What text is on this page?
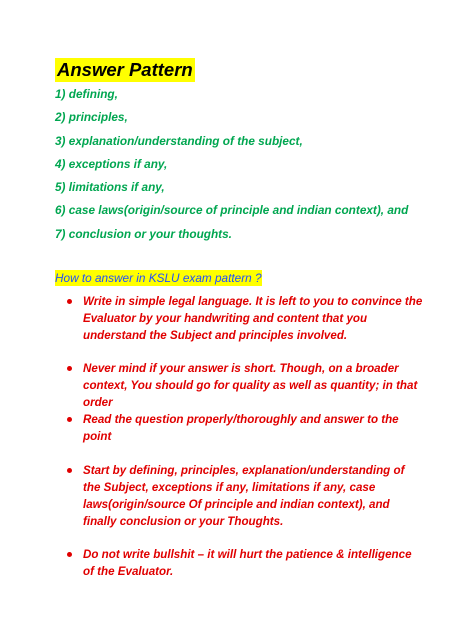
Answer Pattern
1) defining,
2) principles,
3) explanation/understanding of the subject,
4) exceptions if any,
5) limitations if any,
6) case laws(origin/source of principle and indian context), and
7) conclusion or your thoughts.
How to answer in KSLU exam pattern ?
Write in simple legal language. It is left to you to convince the Evaluator by your handwriting and content that you understand the Subject and principles involved.
Never mind if your answer is short. Though, on a broader context, You should go for quality as well as quantity; in that order
Read the question properly/thoroughly and answer to the point
Start by defining, principles, explanation/understanding of the Subject, exceptions if any, limitations if any, case laws(origin/source Of principle and indian context), and finally conclusion or your Thoughts.
Do not write bullshit – it will hurt the patience & intelligence of the Evaluator.
